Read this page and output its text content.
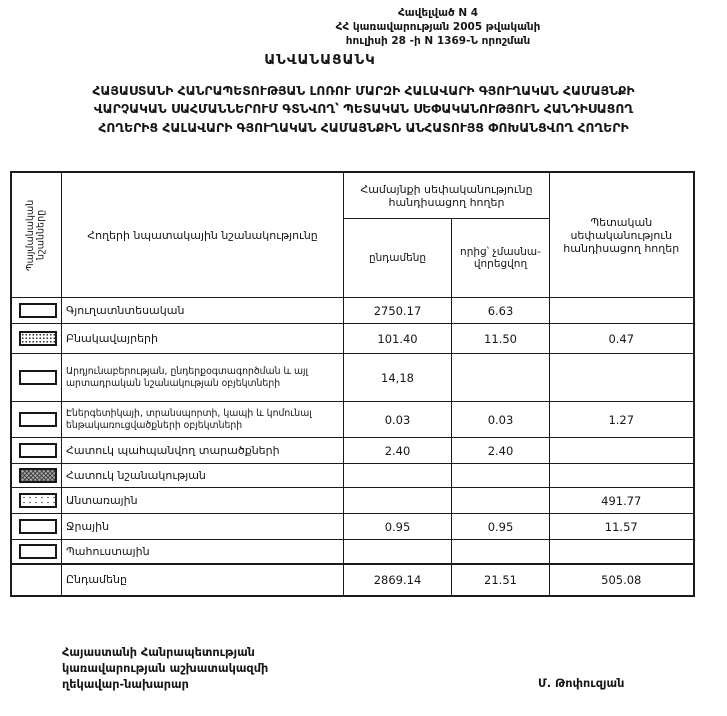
Հավելված N 4
ՀՀ կառավարության 2005 թվականի
հուլիսի 28 -ի N 1369-Ն որոշման
ԱՆՎԱՆԱՑԱՆԿ
ՀԱՅԱՍՏԱՆԻ ՀԱՆՐԱՊԵՏՈՒԹՅԱՆ ԼՈՌՈՒ ՄԱՐԶԻ ՀԱԼԱՎԱՐԻ ԳՅՈՒՂԱԿԱՆ ՀԱՄԱՅՆՔԻ
ՎԱՐՉԱԿԱՆ ՍԱՀՄԱՆՆԵՐՈՒՄ ԳՏՆՎՈՂ՝ ՊԵՏԱԿԱՆ ՍԵՓԱԿԱՆՈՒԹՅՈՒՆ ՀԱՆԴԻՍԱՑՈՂ
ՀՈՂԵՐԻՑ ՀԱԼԱՎԱՐԻ ԳՅՈՒՂԱԿԱՆ ՀԱՄԱՅՆՔԻՆ ԱՆՀԱՏՈՒՅՑ ՓՈԽԱՆՑՎՈՂ ՀՈՂԵՐԻ
Պայմանական նշանները	Հողերի նպատակային նշանակությունը	Համայնքի սեփականությունը հանդիսացող հողեր		Պետական սեփականություն հանդիսացող հողեր
		ընդամենը	որից՝ չմասնա-վորեցվող	

	Գյուղատնտեսական	2750.17	6.63	

	Բնակավայրերի	101.40	11.50	0.47

	Արդյունաբերության, ընդերքօգտագործման և այլ արտադրական նշանակության օբյեկտների	14,18		

	Էներգետիկայի, տրանսպորտի, կապի և կոմունալ ենթակառուցվածքների օբյեկտների	0.03	0.03	1.27

	Հատուկ պահպանվող տարածքների	2.40	2.40	

	Հատուկ նշանակության			

	Անտառային			491.77

	Ջրային	0.95	0.95	11.57

	Պահուստային			
	Ընդամենը	2869.14	21.51	505.08
Հայաստանի Հանրապետության
կառավարության աշխատակազմի
ղեկավար-նախարար	Մ. Թոփուզյան
